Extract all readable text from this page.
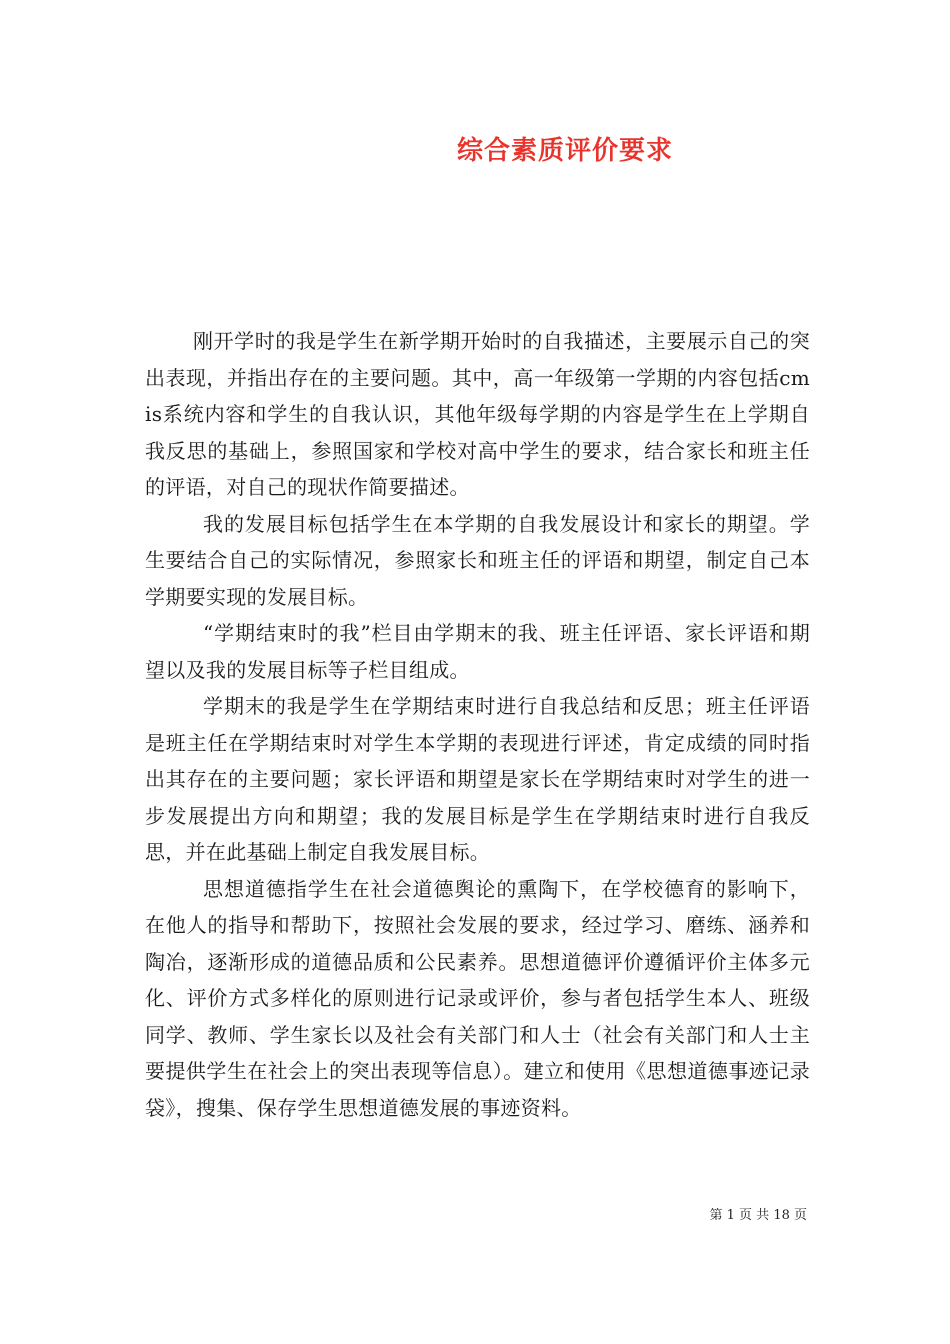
综合素质评价要求

刚开学时的我是学生在新学期开始时的自我描述，主要展示自己的突出表现，并指出存在的主要问题。其中，高一年级第一学期的内容包括cmis系统内容和学生的自我认识，其他年级每学期的内容是学生在上学期自我反思的基础上，参照国家和学校对高中学生的要求，结合家长和班主任的评语，对自己的现状作简要描述。

我的发展目标包括学生在本学期的自我发展设计和家长的期望。学生要结合自己的实际情况，参照家长和班主任的评语和期望，制定自己本学期要实现的发展目标。

“学期结束时的我”栏目由学期末的我、班主任评语、家长评语和期望以及我的发展目标等子栏目组成。

学期末的我是学生在学期结束时进行自我总结和反思；班主任评语是班主任在学期结束时对学生本学期的表现进行评述，肯定成绩的同时指出其存在的主要问题；家长评语和期望是家长在学期结束时对学生的进一步发展提出方向和期望；我的发展目标是学生在学期结束时进行自我反思，并在此基础上制定自我发展目标。

思想道德指学生在社会道德舆论的熏陶下，在学校德育的影响下，在他人的指导和帮助下，按照社会发展的要求，经过学习、磨练、涵养和陶冶，逐渐形成的道德品质和公民素养。思想道德评价遵循评价主体多元化、评价方式多样化的原则进行记录或评价，参与者包括学生本人、班级同学、教师、学生家长以及社会有关部门和人士（社会有关部门和人士主要提供学生在社会上的突出表现等信息）。建立和使用《思想道德事迹记录袋》，搜集、保存学生思想道德发展的事迹资料。

第 1 页 共 18 页
